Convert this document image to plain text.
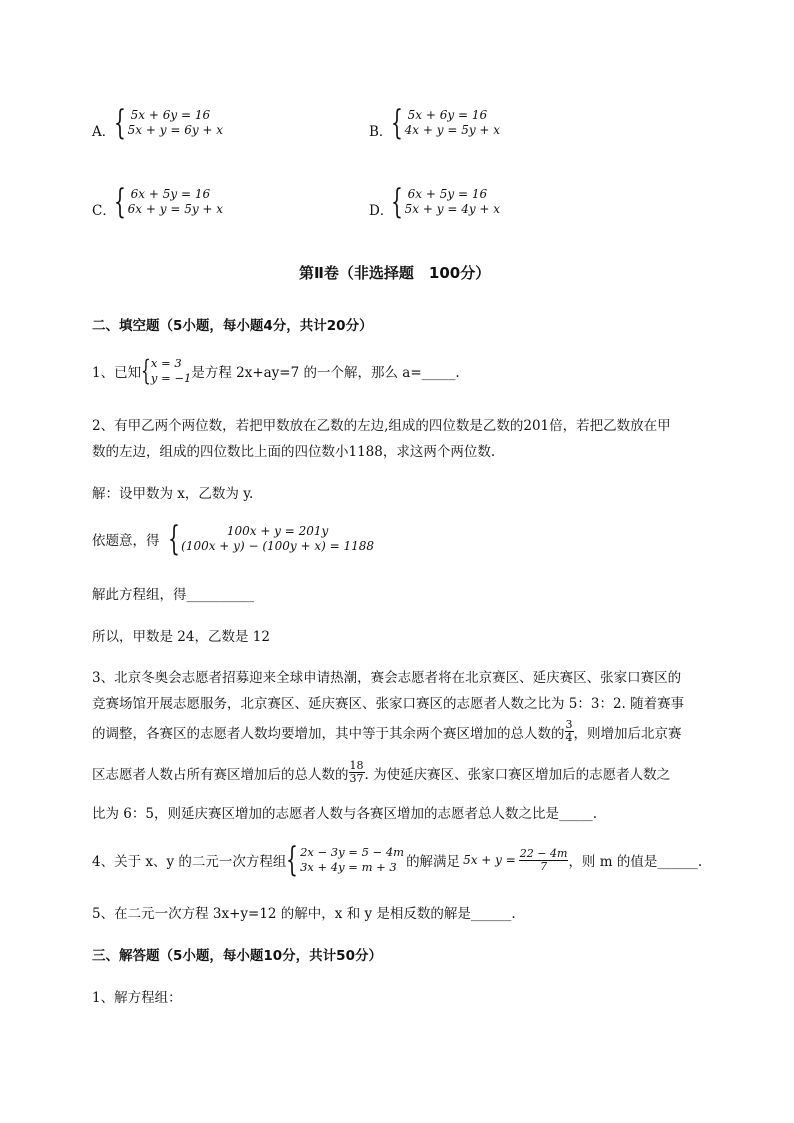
A．
{ 5x + 6y = 16
5x + y = 6y + x	B．
{ 5x + 6y = 16
4x + y = 5y + x
C．
{ 6x + 5y = 16
6x + y = 5y + x	D．
{ 6x + 5y = 16
5x + y = 4y + x
第Ⅱ卷（非选择题　100分）
二、填空题（5小题，每小题4分，共计20分）
1、已知 { x = 3
y = −1 是方程 2x+ay=7 的一个解，那么 a=_____.
2、有甲乙两个两位数，若把甲数放在乙数的左边,组成的四位数是乙数的201倍，若把乙数放在甲
数的左边，组成的四位数比上面的四位数小1188，求这两个两位数.
解：设甲数为 x，乙数为 y.
依题意，得 {	100x + y = 201y
(100x + y) − (100y + x) = 1188
解此方程组，得__________
所以，甲数是 24，乙数是 12
3、北京冬奥会志愿者招募迎来全球申请热潮，赛会志愿者将在北京赛区、延庆赛区、张家口赛区的
竞赛场馆开展志愿服务，北京赛区、延庆赛区、张家口赛区的志愿者人数之比为 5：3：2. 随着赛事
的调整，各赛区的志愿者人数均要增加，其中等于其余两个赛区增加的总人数的 $\frac{3}{4}$ ，则增加后北京赛
区志愿者人数占所有赛区增加后的总人数的 $\frac{18}{37}$ . 为使延庆赛区、张家口赛区增加后的志愿者人数之
比为 6：5，则延庆赛区增加的志愿者人数与各赛区增加的志愿者总人数之比是_____.
4、关于 x、y 的二元一次方程组 { 2x − 3y = 5 − 4m
3x + 4y = m + 3 的解满足 $5x + y = \frac{22 - 4m}{7}$ ，则 m 的值是______.
5、在二元一次方程 3x+y=12 的解中，x 和 y 是相反数的解是______.
三、解答题（5小题，每小题10分，共计50分）
1、解方程组：
